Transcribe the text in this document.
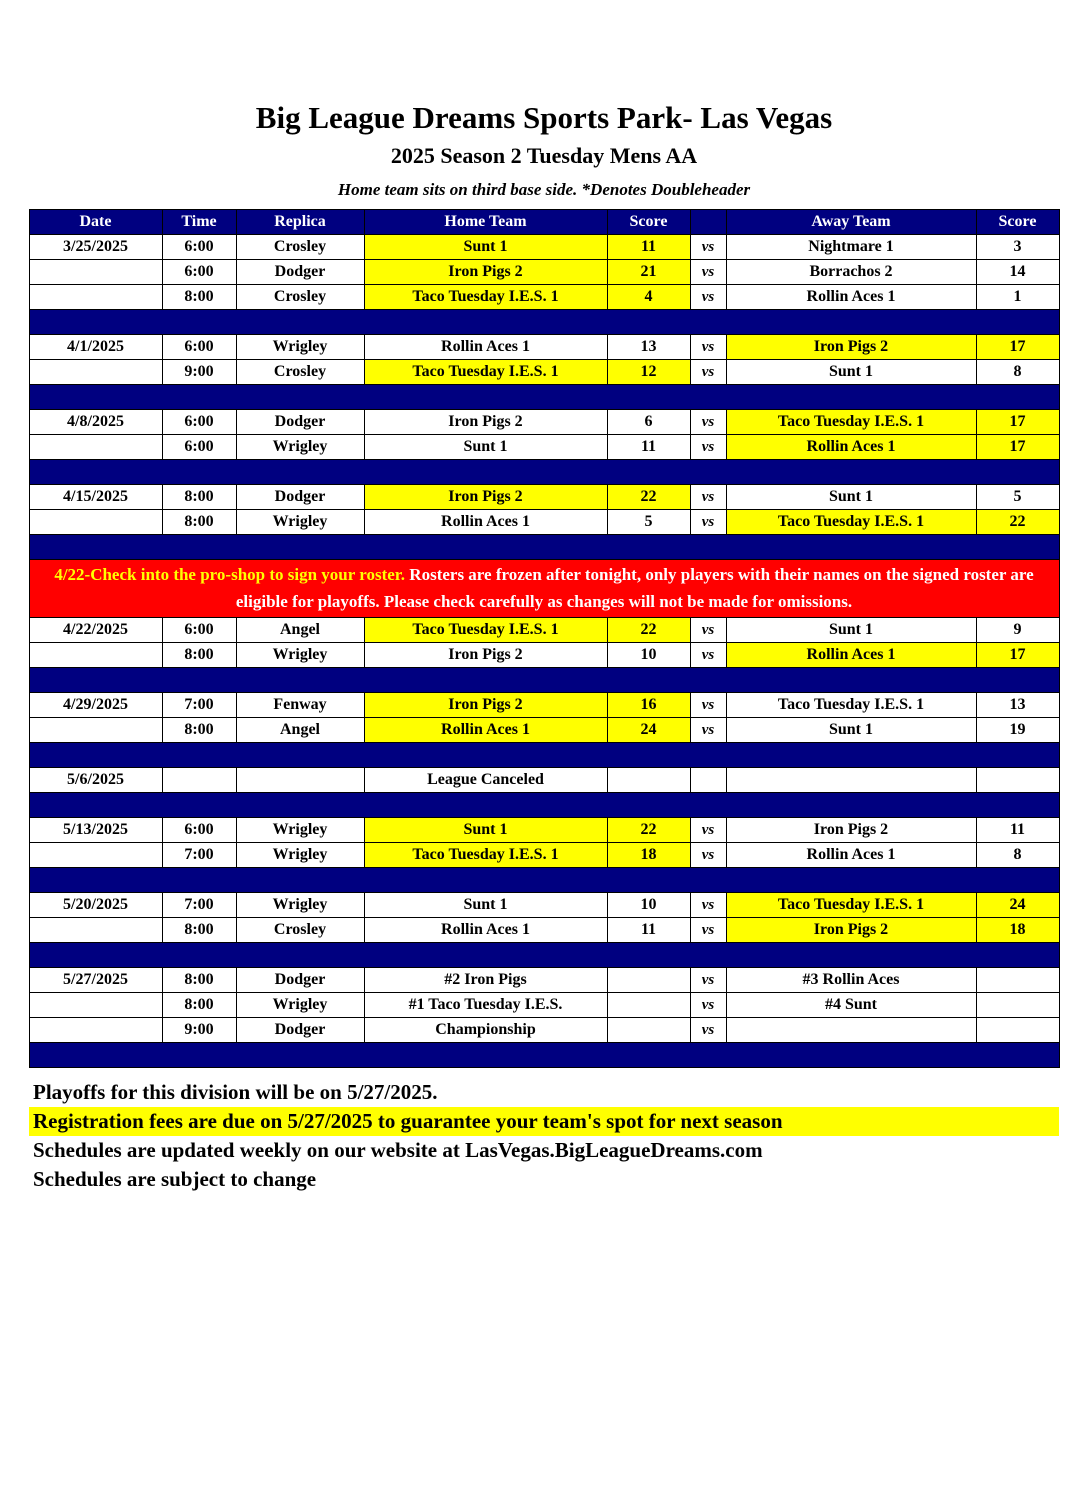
Big League Dreams Sports Park- Las Vegas
2025 Season 2 Tuesday Mens AA
Home team sits on third base side. *Denotes Doubleheader
Date	Time	Replica	Home Team	Score		Away Team	Score
3/25/2025	6:00	Crosley	Sunt 1	11	vs	Nightmare 1	3
	6:00	Dodger	Iron Pigs 2	21	vs	Borrachos 2	14
	8:00	Crosley	Taco Tuesday I.E.S. 1	4	vs	Rollin Aces 1	1

4/1/2025	6:00	Wrigley	Rollin Aces 1	13	vs	Iron Pigs 2	17
	9:00	Crosley	Taco Tuesday I.E.S. 1	12	vs	Sunt 1	8

4/8/2025	6:00	Dodger	Iron Pigs 2	6	vs	Taco Tuesday I.E.S. 1	17
	6:00	Wrigley	Sunt 1	11	vs	Rollin Aces 1	17

4/15/2025	8:00	Dodger	Iron Pigs 2	22	vs	Sunt 1	5
	8:00	Wrigley	Rollin Aces 1	5	vs	Taco Tuesday I.E.S. 1	22

4/22-Check into the pro-shop to sign your roster. Rosters are frozen after tonight, only players with their names on the signed roster are eligible for playoffs. Please check carefully as changes will not be made for omissions.							
4/22/2025	6:00	Angel	Taco Tuesday I.E.S. 1	22	vs	Sunt 1	9
	8:00	Wrigley	Iron Pigs 2	10	vs	Rollin Aces 1	17

4/29/2025	7:00	Fenway	Iron Pigs 2	16	vs	Taco Tuesday I.E.S. 1	13
	8:00	Angel	Rollin Aces 1	24	vs	Sunt 1	19

5/6/2025			League Canceled				

5/13/2025	6:00	Wrigley	Sunt 1	22	vs	Iron Pigs 2	11
	7:00	Wrigley	Taco Tuesday I.E.S. 1	18	vs	Rollin Aces 1	8

5/20/2025	7:00	Wrigley	Sunt 1	10	vs	Taco Tuesday I.E.S. 1	24
	8:00	Crosley	Rollin Aces 1	11	vs	Iron Pigs 2	18

5/27/2025	8:00	Dodger	#2 Iron Pigs		vs	#3 Rollin Aces	
	8:00	Wrigley	#1 Taco Tuesday I.E.S.		vs	#4 Sunt	
	9:00	Dodger	Championship		vs		

Playoffs for this division will be on 5/27/2025.
Registration fees are due on 5/27/2025 to guarantee your team's spot for next season
Schedules are updated weekly on our website at LasVegas.BigLeagueDreams.com
Schedules are subject to change
